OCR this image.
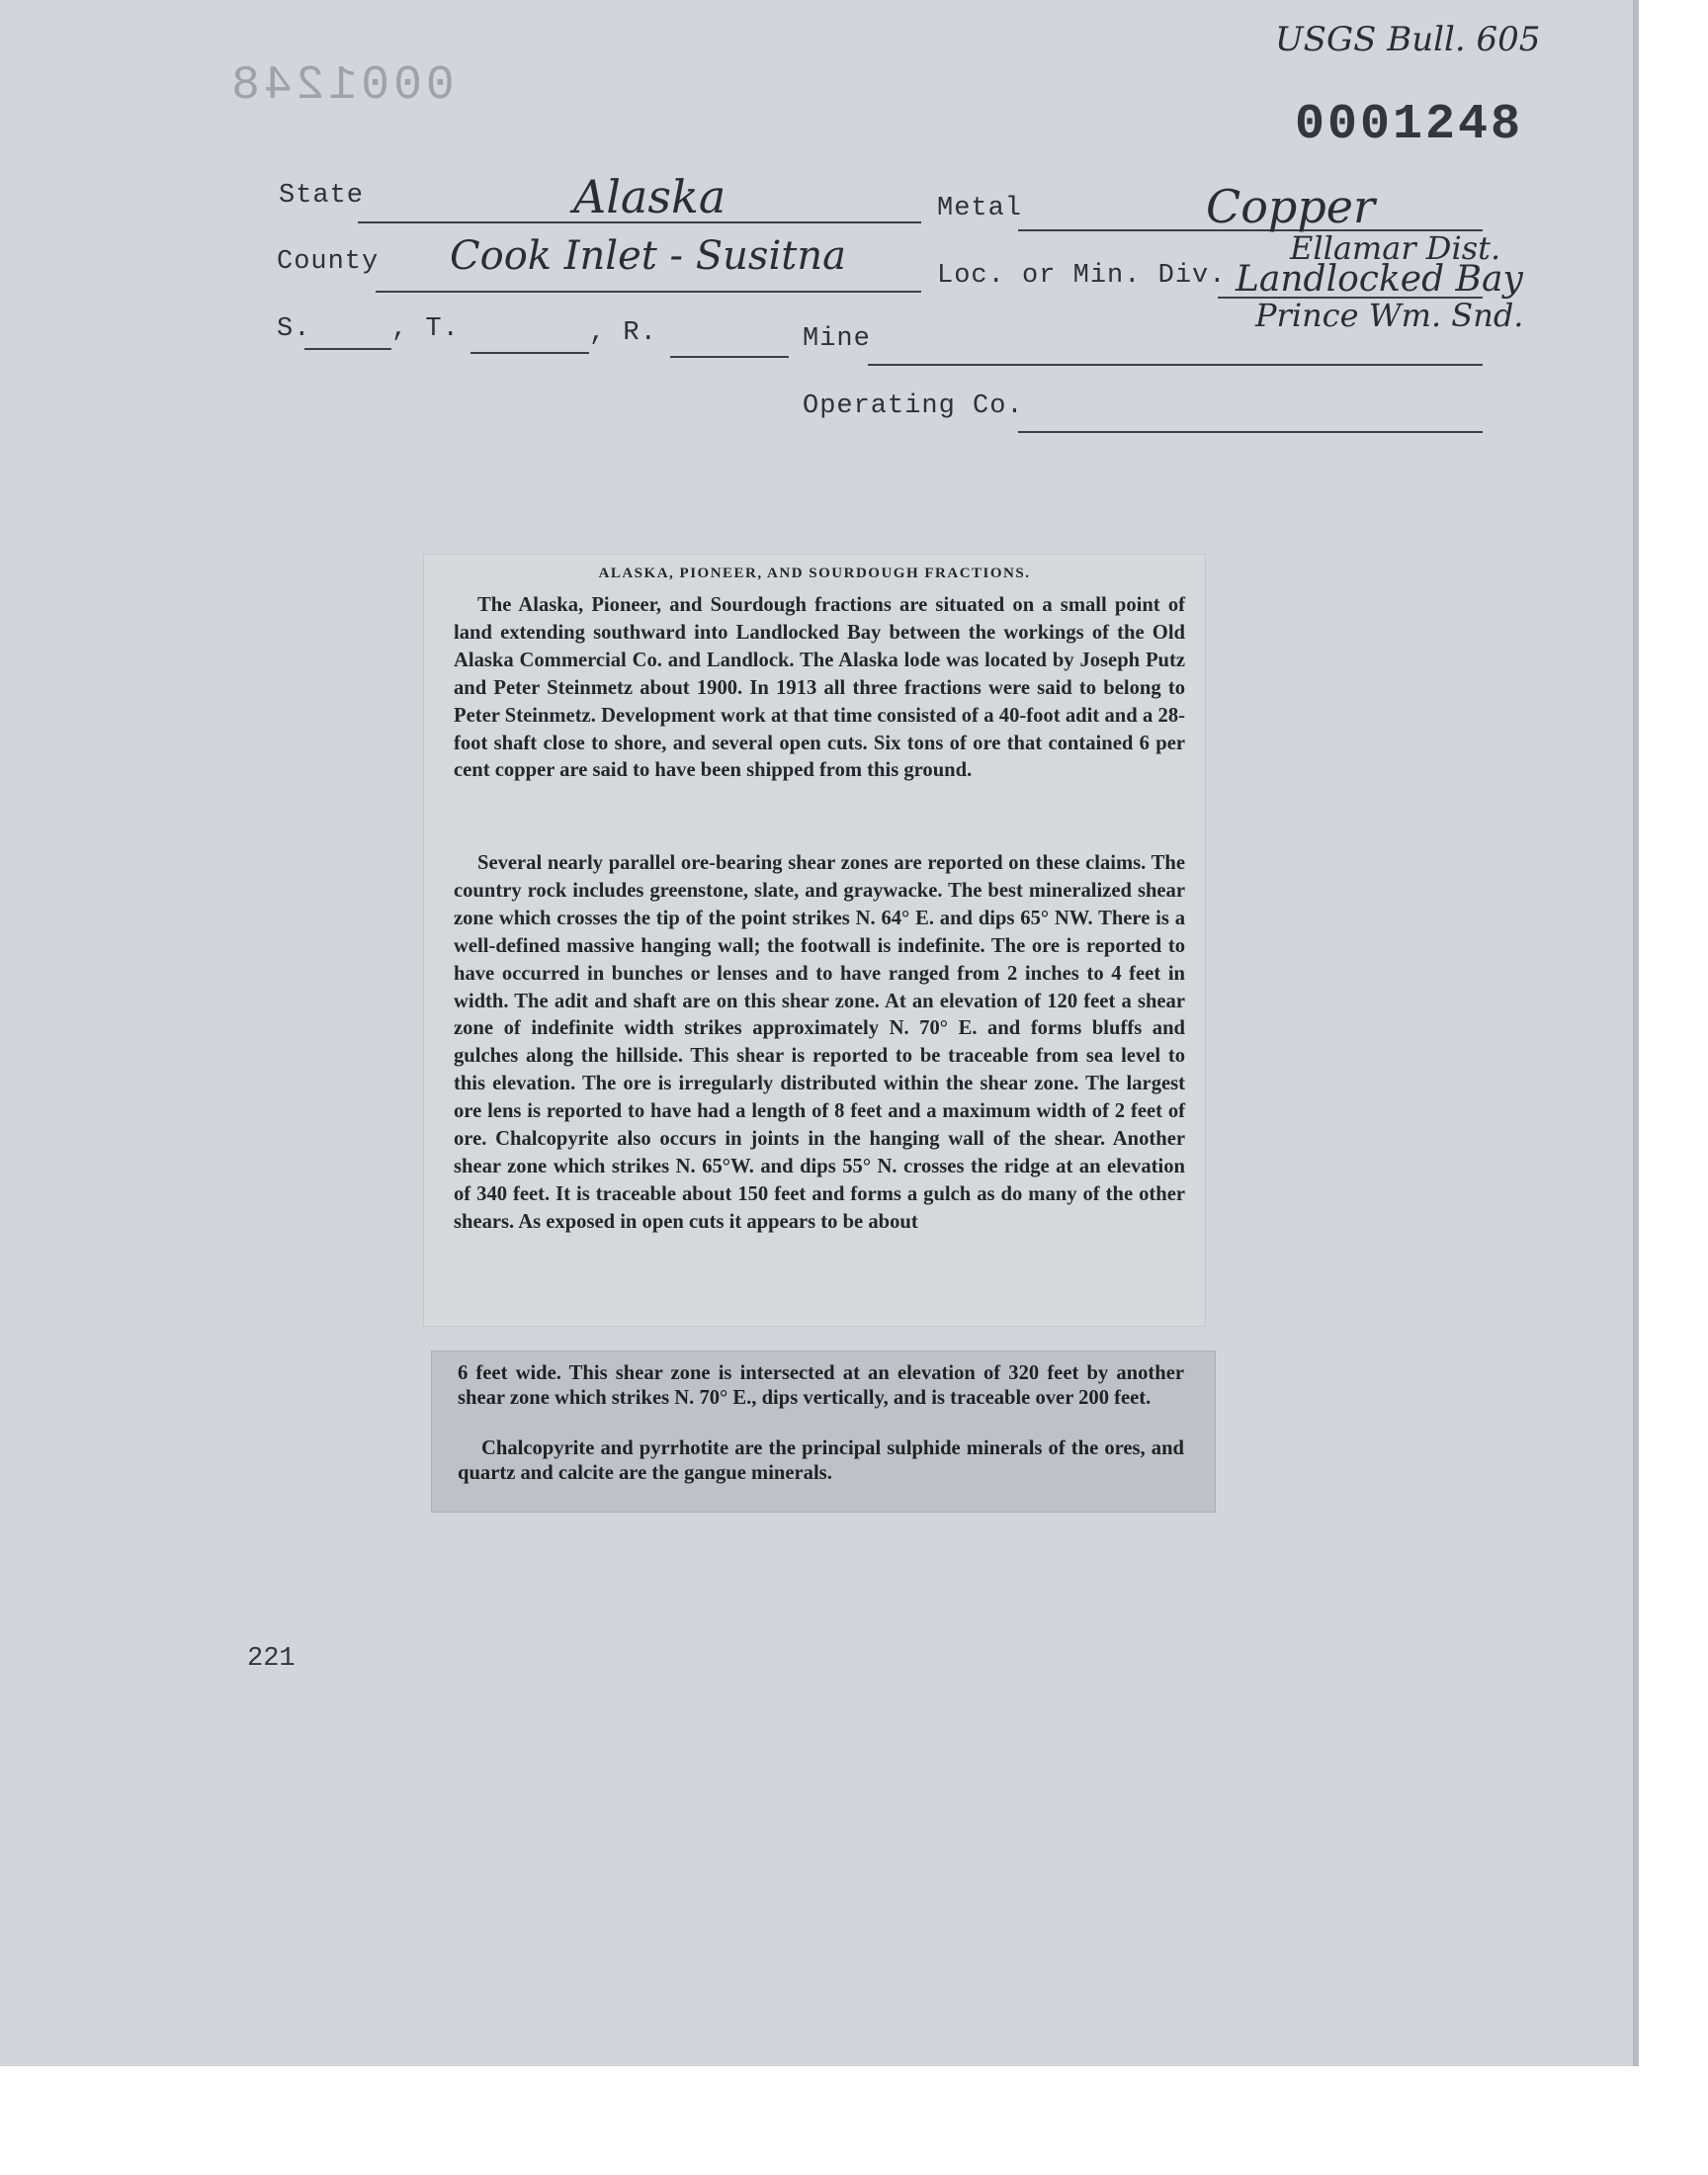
0001248
USGS Bull. 605
0001248
State	Alaska	Metal	Copper
County Cook Inlet - Susitna	Loc. or Min. Div.
Ellamar Dist.
Landlocked Bay
Prince Wm. Snd.
S.	, T.	, R.	Mine
Operating Co.
ALASKA, PIONEER, AND SOURDOUGH FRACTIONS.
The Alaska, Pioneer, and Sourdough fractions are situated on a small point of land extending southward into Landlocked Bay between the workings of the Old Alaska Commercial Co. and Landlock. The Alaska lode was located by Joseph Putz and Peter Steinmetz about 1900. In 1913 all three fractions were said to belong to Peter Steinmetz. Development work at that time consisted of a 40-foot adit and a 28-foot shaft close to shore, and several open cuts. Six tons of ore that contained 6 per cent copper are said to have been shipped from this ground.
Several nearly parallel ore-bearing shear zones are reported on these claims. The country rock includes greenstone, slate, and graywacke. The best mineralized shear zone which crosses the tip of the point strikes N. 64° E. and dips 65° NW. There is a well-defined massive hanging wall; the footwall is indefinite. The ore is reported to have occurred in bunches or lenses and to have ranged from 2 inches to 4 feet in width. The adit and shaft are on this shear zone. At an elevation of 120 feet a shear zone of indefinite width strikes approximately N. 70° E. and forms bluffs and gulches along the hillside. This shear is reported to be traceable from sea level to this elevation. The ore is irregularly distributed within the shear zone. The largest ore lens is reported to have had a length of 8 feet and a maximum width of 2 feet of ore. Chalcopyrite also occurs in joints in the hanging wall of the shear. Another shear zone which strikes N. 65°W. and dips 55° N. crosses the ridge at an elevation of 340 feet. It is traceable about 150 feet and forms a gulch as do many of the other shears. As exposed in open cuts it appears to be about
6 feet wide. This shear zone is intersected at an elevation of 320 feet by another shear zone which strikes N. 70° E., dips vertically, and is traceable over 200 feet.
Chalcopyrite and pyrrhotite are the principal sulphide minerals of the ores, and quartz and calcite are the gangue minerals.
221
